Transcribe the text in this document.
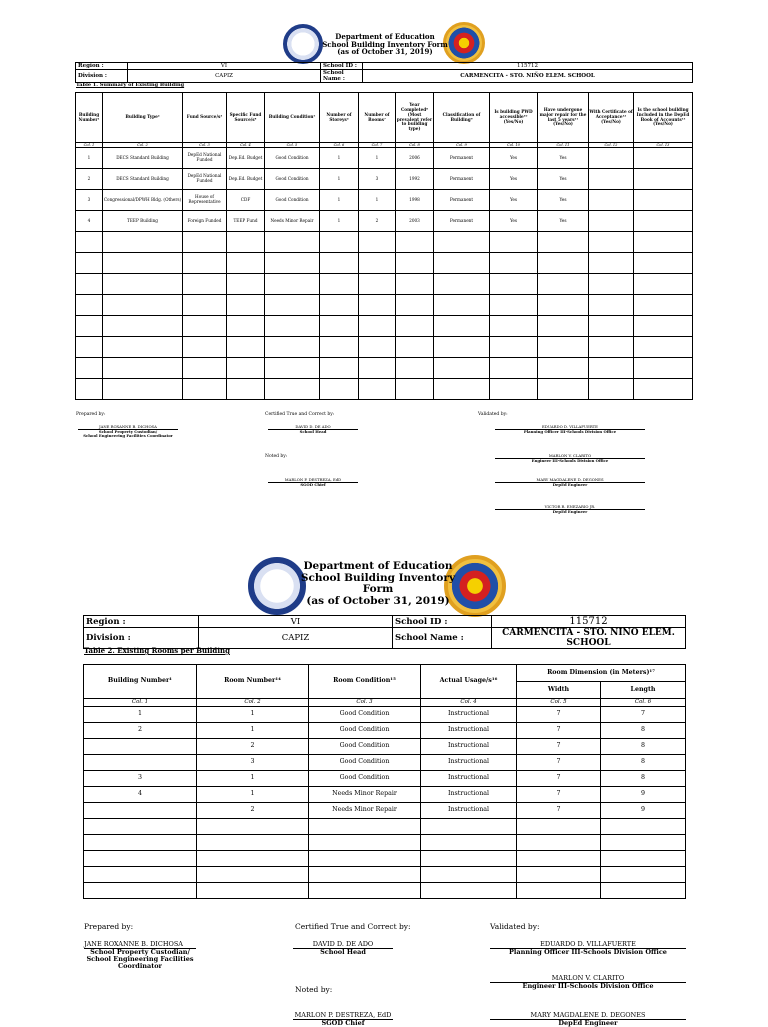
Department of Education
School Building Inventory Form
(as of October 31, 2019)
Region :	VI	School ID :	115712
Division :	CAPIZ	School Name :	CARMENCITA - STO. NIÑO ELEM. SCHOOL
Table 1. Summary of Existing Building
Building Number¹	Building Type²	Fund Source/s³	Specific Fund Source/s⁴	Building Condition⁵	Number of Storeys⁶	Number of Rooms⁷	Year Completed⁸ (Most prevalent refer to building type)	Classification of Building⁹	Is building PWD accessible¹⁰ (Yes/No)	Have undergone major repair for the last 5 years¹¹ (Yes/No)	With Certificate of Acceptance¹² (Yes/No)	Is the school building Included in the DepEd Book of Accounts¹³ (Yes/No)
Col. 1	Col. 2	Col. 3	Col. 4	Col. 5	Col. 6	Col. 7	Col. 8	Col. 9	Col. 10	Col. 11	Col. 12	Col. 13
1	DECS Standard Building	DepEd National Funded	Dep.Ed. Budget	Good Condition	1	1	2006	Permanent	Yes	Yes		
2	DECS Standard Building	DepEd National Funded	Dep.Ed. Budget	Good Condition	1	3	1992	Permanent	Yes	Yes		
3	Congressional/DPWH Bldg. (Others)	House of Representative	CDF	Good Condition	1	1	1998	Permanent	Yes	Yes		
4	TEEP Building	Foreign Funded	TEEP Fund	Needs Minor Repair	1	2	2003	Permanent	Yes	Yes		

Prepared by:	Certified True and Correct by:	Validated by:
JANE ROXANNE B. DICHOSA
School Property Custodian/
School Engineering Facilities Coordinator
DAVID D. DE ADO
School Head
EDUARDO D. VILLAFUERTE
Planning Officer III-Schools Division Office
Noted by:	MARLON V. CLARITO
Engineer III-Schools Division Office
MARLON P. DESTREZA, EdD
SGOD Chief
MARY MAGDALENE D. DEGONES
DepEd Engineer
VICTOR R. ENEZARIO JR.
DepEd Engineer
Department of Education
School Building Inventory Form
(as of October 31, 2019)
Region :	VI	School ID :	115712
Division :	CAPIZ	School Name :	CARMENCITA - STO. NIÑO ELEM. SCHOOL
Table 2. Existing Rooms per Building
Building Number¹	Room Number¹⁴	Room Condition¹⁵	Actual Usage/s¹⁶	Room Dimension (in Meters)¹⁷	
				Width	Length
Col. 1	Col. 2	Col. 3	Col. 4	Col. 5	Col. 6
1	1	Good Condition	Instructional	7	7
2	1	Good Condition	Instructional	7	8
	2	Good Condition	Instructional	7	8
	3	Good Condition	Instructional	7	8
3	1	Good Condition	Instructional	7	8
4	1	Needs Minor Repair	Instructional	7	9
	2	Needs Minor Repair	Instructional	7	9

Prepared by:	Certified True and Correct by:	Validated by:
JANE ROXANNE B. DICHOSA
School Property Custodian/
School Engineering Facilities Coordinator
DAVID D. DE ADO
School Head
EDUARDO D. VILLAFUERTE
Planning Officer III-Schools Division Office
MARLON V. CLARITO
Engineer III-Schools Division Office
Noted by:
MARLON P. DESTREZA, EdD
SGOD Chief
MARY MAGDALENE D. DEGONES
DepEd Engineer
